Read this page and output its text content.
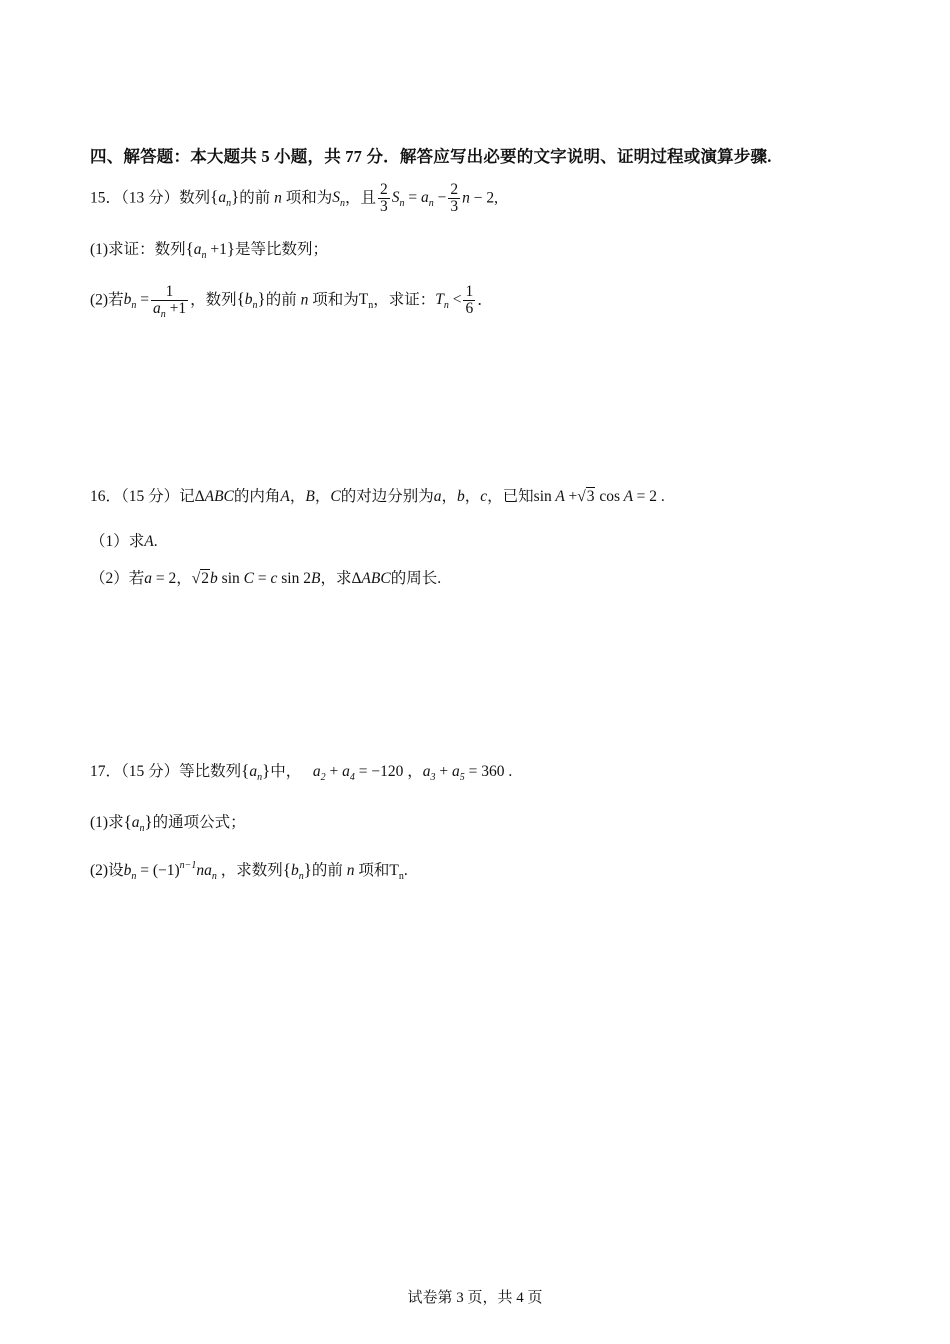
四、解答题：本大题共 5 小题，共 77 分．解答应写出必要的文字说明、证明过程或演算步骤.
15．（13 分）数列$\{a_n\}$的前 n 项和为$S_n$，且 $\frac{2}{3} S_n = a_n - \frac{2}{3}$ n − 2,
(1)求证：数列$\{a_n +1\}$是等比数列；
(2)若$b_n = \frac{1}{a_n +1}$ ，数列$\{b_n\}$的前 n 项和为$T_n$，求证：$T_n < \frac{1}{6}$ ．
16．（15 分）记ΔABC的内角A，B，C的对边分别为a，b，c，已知sin A +√3 cos A = 2 .
（1）求A.
（2）若a = 2，√2b sin C = c sin 2B，求ΔABC的周长.
17．（15 分）等比数列$\{a_n\}$中， $a_2 + a_4 = -120$ ，$a_3 + a_5 = 360$ .
(1)求$\{a_n\}$的通项公式；
(2)设$b_n = (-1)^{n-1}na_n$ ，求数列$\{b_n\}$的前 n 项和$T_n$.
试卷第 3 页，共 4 页
